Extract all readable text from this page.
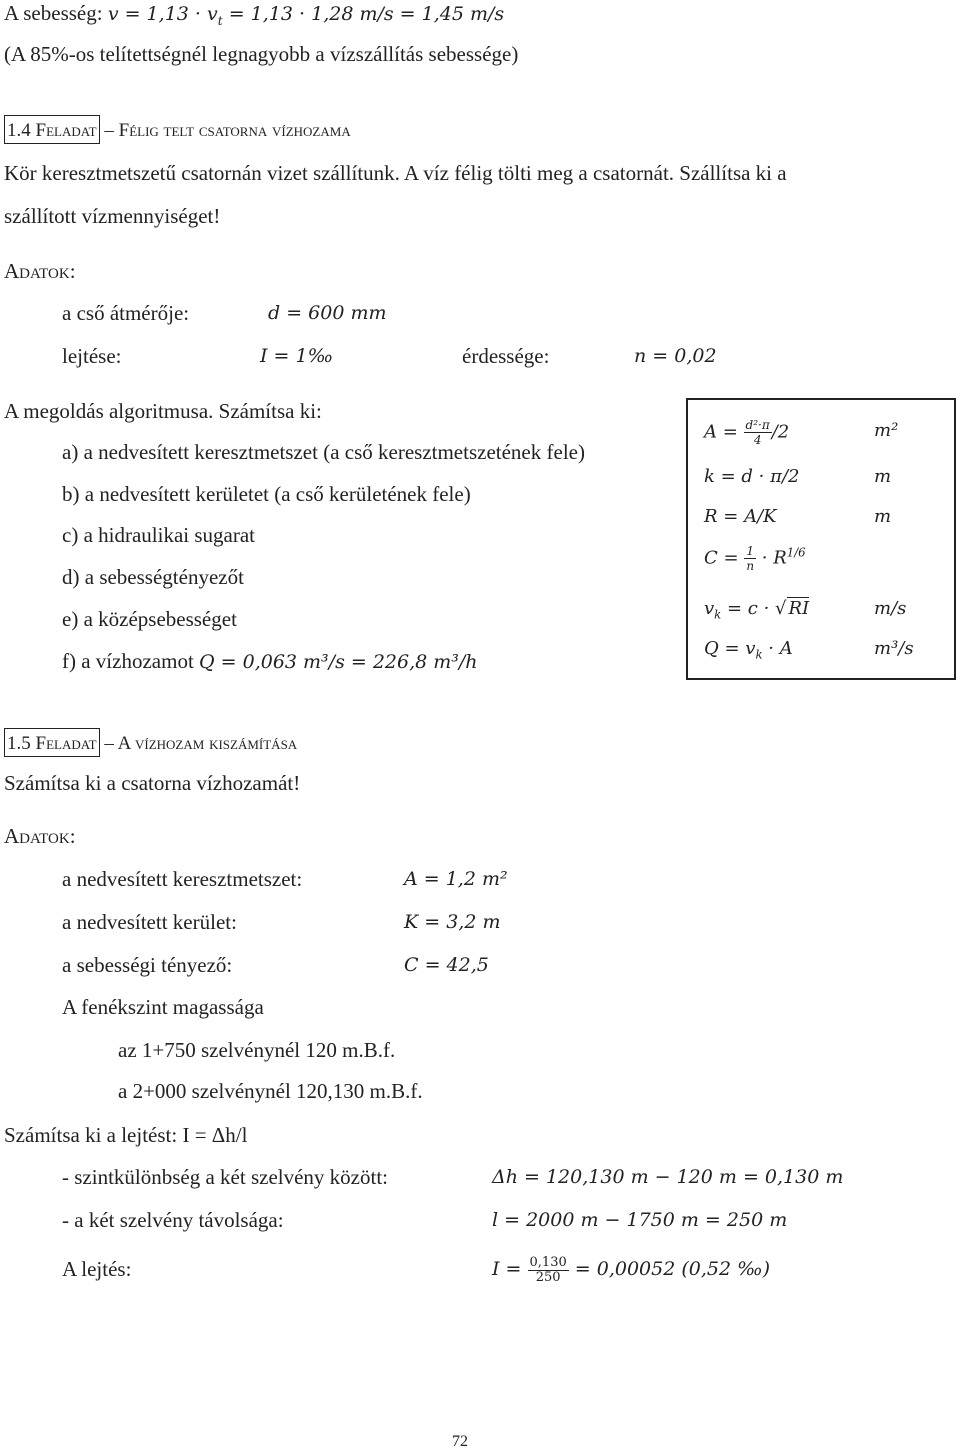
A sebesség: $v = 1,13 \cdot v_t = 1,13 \cdot 1,28$ m/s = 1,45 m/s
(A 85%-os telítettségnél legnagyobb a vízszállítás sebessége)
1.4 Feladat – Félig telt csatorna vízhozama
Kör keresztmetszetű csatornán vizet szállítunk. A víz félig tölti meg a csatornát. Szállítsa ki a
szállított vízmennyiséget!
Adatok:
a cső átmérője:	d = 600 mm
lejtése:	I = 1‰	érdessége:	n = 0,02
A megoldás algoritmusa. Számítsa ki:
a) a nedvesített keresztmetszet (a cső keresztmetszetének fele)
b) a nedvesített kerületet (a cső kerületének fele)
c) a hidraulikai sugarat
d) a sebességtényezőt
e) a középsebességet
f) a vízhozamot Q = 0,063 m³/s = 226,8 m³/h
$A = \frac{\text{d²·π}}{4} /2$	m²
k = d · π/2	m
R = A/K	m
$C = \frac{1}{n} \cdot R^{1/6}$
$v_k = c$ · √ RI	m/s
$Q = v_k \cdot A$	m³/s
1.5 Feladat – A vízhozam kiszámítása
Számítsa ki a csatorna vízhozamát!
Adatok:
a nedvesített keresztmetszet:	A = 1,2 m²
a nedvesített kerület:	K = 3,2 m
a sebességi tényező:	C = 42,5
A fenékszint magassága
az 1+750 szelvénynél 120 m.B.f.
a 2+000 szelvénynél 120,130 m.B.f.
Számítsa ki a lejtést: I = Δh/l
- szintkülönbség a két szelvény között:	Δh = 120,130 m − 120 m = 0,130 m
- a két szelvény távolsága:	l = 2000 m − 1750 m = 250 m
A lejtés:	$I = \frac{0,130}{250} = 0,00052$ (0,52 ‰)
72
